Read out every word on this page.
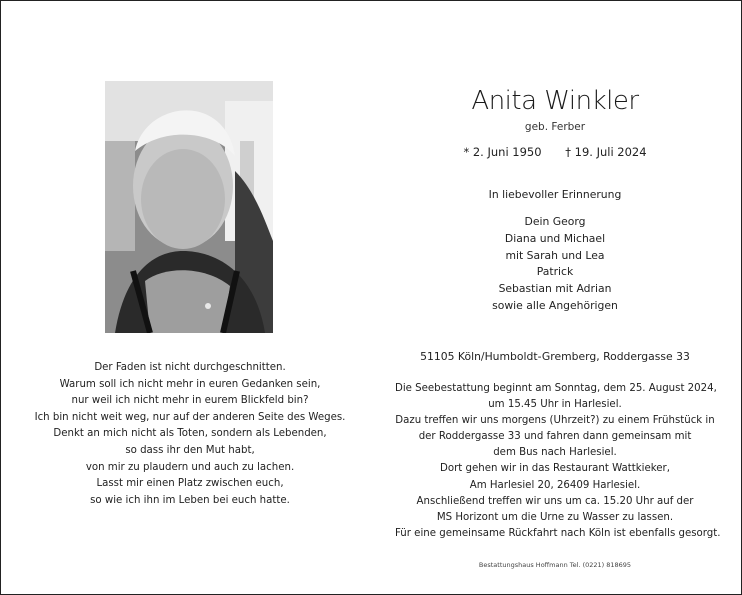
Der Faden ist nicht durchgeschnitten.
Warum soll ich nicht mehr in euren Gedanken sein,
nur weil ich nicht mehr in eurem Blickfeld bin?
Ich bin nicht weit weg, nur auf der anderen Seite des Weges.
Denkt an mich nicht als Toten, sondern als Lebenden,
so dass ihr den Mut habt,
von mir zu plaudern und auch zu lachen.
Lasst mir einen Platz zwischen euch,
so wie ich ihn im Leben bei euch hatte.
Anita Winkler
geb. Ferber
* 2. Juni 1950 † 19. Juli 2024
In liebevoller Erinnerung
Dein Georg
Diana und Michael
mit Sarah und Lea
Patrick
Sebastian mit Adrian
sowie alle Angehörigen
51105 Köln/Humboldt-Gremberg, Roddergasse 33
Die Seebestattung beginnt am Sonntag, dem 25. August 2024,
um 15.45 Uhr in Harlesiel.
Dazu treffen wir uns morgens (Uhrzeit?) zu einem Frühstück in
der Roddergasse 33 und fahren dann gemeinsam mit
dem Bus nach Harlesiel.
Dort gehen wir in das Restaurant Wattkieker,
Am Harlesiel 20, 26409 Harlesiel.
Anschließend treffen wir uns um ca. 15.20 Uhr auf der
MS Horizont um die Urne zu Wasser zu lassen.
Für eine gemeinsame Rückfahrt nach Köln ist ebenfalls gesorgt.
Bestattungshaus Hoffmann Tel. (0221) 818695
